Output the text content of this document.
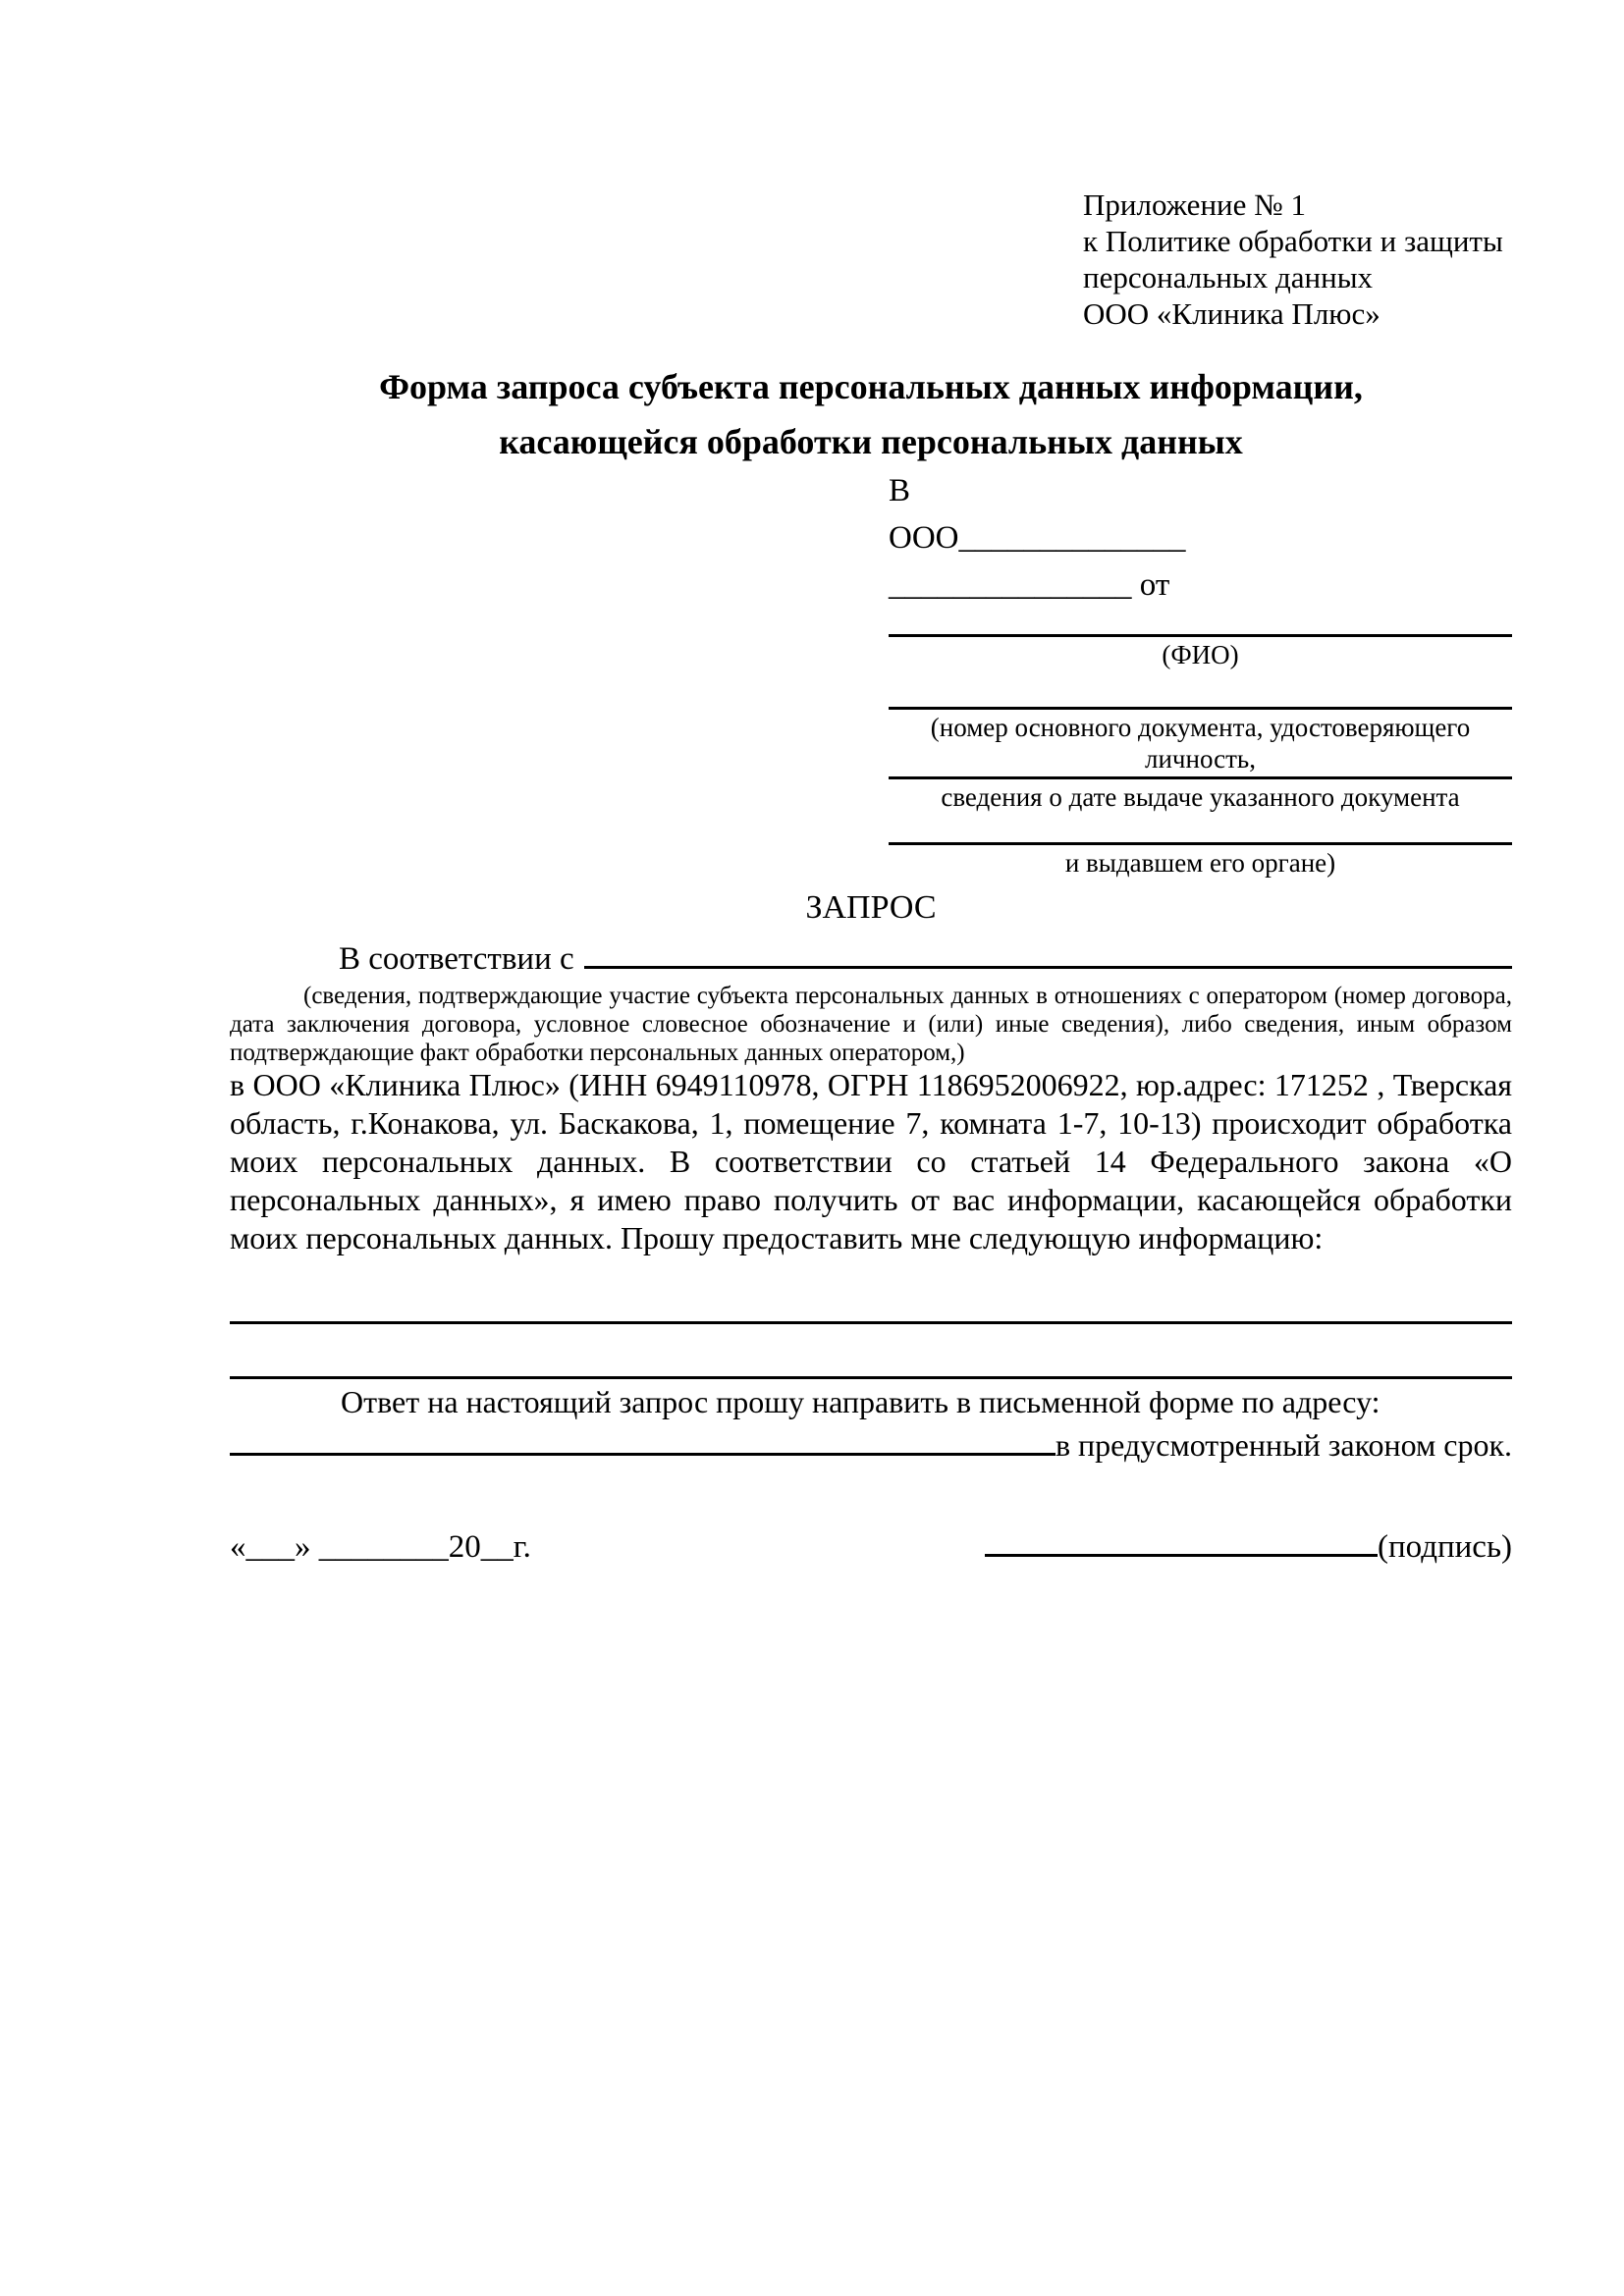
Приложение № 1
к Политике обработки и защиты
персональных данных
ООО «Клиника Плюс»
Форма запроса субъекта персональных данных информации,
касающейся обработки персональных данных
В
ООО______________
_______________ от
(ФИО)
(номер основного документа, удостоверяющего личность,
сведения о дате выдаче указанного документа
и выдавшем его органе)
ЗАПРОС
В соответствии с
(сведения, подтверждающие участие субъекта персональных данных в отношениях с оператором (номер договора, дата заключения договора, условное словесное обозначение и (или) иные сведения), либо сведения, иным образом подтверждающие факт обработки персональных данных оператором,)
в ООО «Клиника Плюс» (ИНН 6949110978, ОГРН 1186952006922, юр.адрес: 171252 , Тверская область, г.Конакова, ул. Баскакова, 1, помещение 7, комната 1-7, 10-13) происходит обработка моих персональных данных. В соответствии со статьей 14 Федерального закона «О персональных данных», я имею право получить от вас информации, касающейся обработки моих персональных данных. Прошу предоставить мне следующую информацию:
Ответ на настоящий запрос прошу направить в письменной форме по адресу:
в предусмотренный законом срок.
«___» ________20__г.	(подпись)
